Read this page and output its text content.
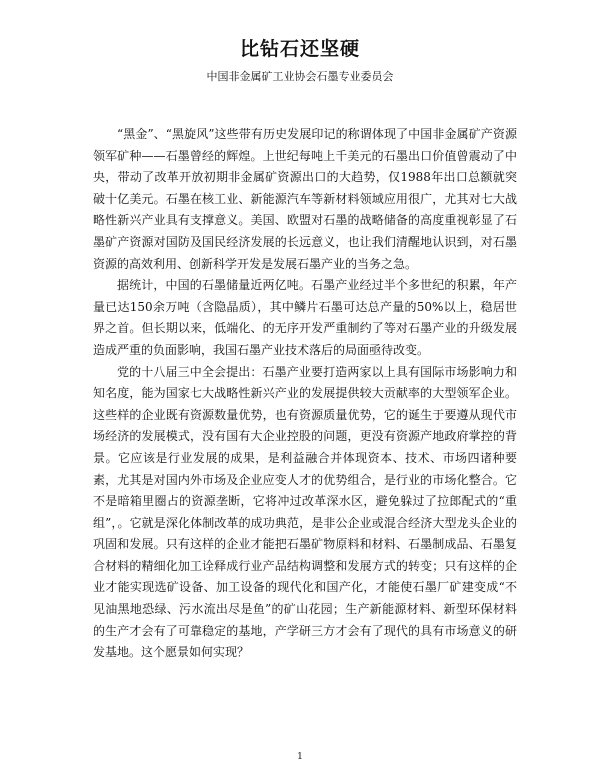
比钻石还坚硬
中国非金属矿工业协会石墨专业委员会

“黑金”、“黑旋风”这些带有历史发展印记的称谓体现了中国非金属矿产资源领军矿种——石墨曾经的辉煌。上世纪每吨上千美元的石墨出口价值曾震动了中央，带动了改革开放初期非金属矿资源出口的大趋势，仅1988年出口总额就突破十亿美元。石墨在核工业、新能源汽车等新材料领域应用很广，尤其对七大战略性新兴产业具有支撑意义。美国、欧盟对石墨的战略储备的高度重视彰显了石墨矿产资源对国防及国民经济发展的长远意义，也让我们清醒地认识到，对石墨资源的高效利用、创新科学开发是发展石墨产业的当务之急。

据统计，中国的石墨储量近两亿吨。石墨产业经过半个多世纪的积累，年产量已达150余万吨（含隐晶质），其中鳞片石墨可达总产量的50%以上，稳居世界之首。但长期以来，低端化、的无序开发严重制约了等对石墨产业的升级发展造成严重的负面影响，我国石墨产业技术落后的局面亟待改变。

党的十八届三中全会提出：石墨产业要打造两家以上具有国际市场影响力和知名度，能为国家七大战略性新兴产业的发展提供较大贡献率的大型领军企业。这些样的企业既有资源数量优势，也有资源质量优势，它的诞生于要遵从现代市场经济的发展模式，没有国有大企业控股的问题，更没有资源产地政府掌控的背景。它应该是行业发展的成果，是利益融合并体现资本、技术、市场四诸种要素，尤其是对国内外市场及企业应变人才的优势组合，是行业的市场化整合。它不是暗箱里圈占的资源垄断，它将冲过改革深水区，避免躲过了拉郎配式的“重组”，。它就是深化体制改革的成功典范，是非公企业或混合经济大型龙头企业的巩固和发展。只有这样的企业才能把石墨矿物原料和材料、石墨制成品、石墨复合材料的精细化加工诠释成行业产品结构调整和发展方式的转变；只有这样的企业才能实现选矿设备、加工设备的现代化和国产化，才能使石墨厂矿建变成“不见油黑地恐绿、污水流出尽是鱼”的矿山花园；生产新能源材料、新型环保材料的生产才会有了可靠稳定的基地，产学研三方才会有了现代的具有市场意义的研发基地。这个愿景如何实现？

1
